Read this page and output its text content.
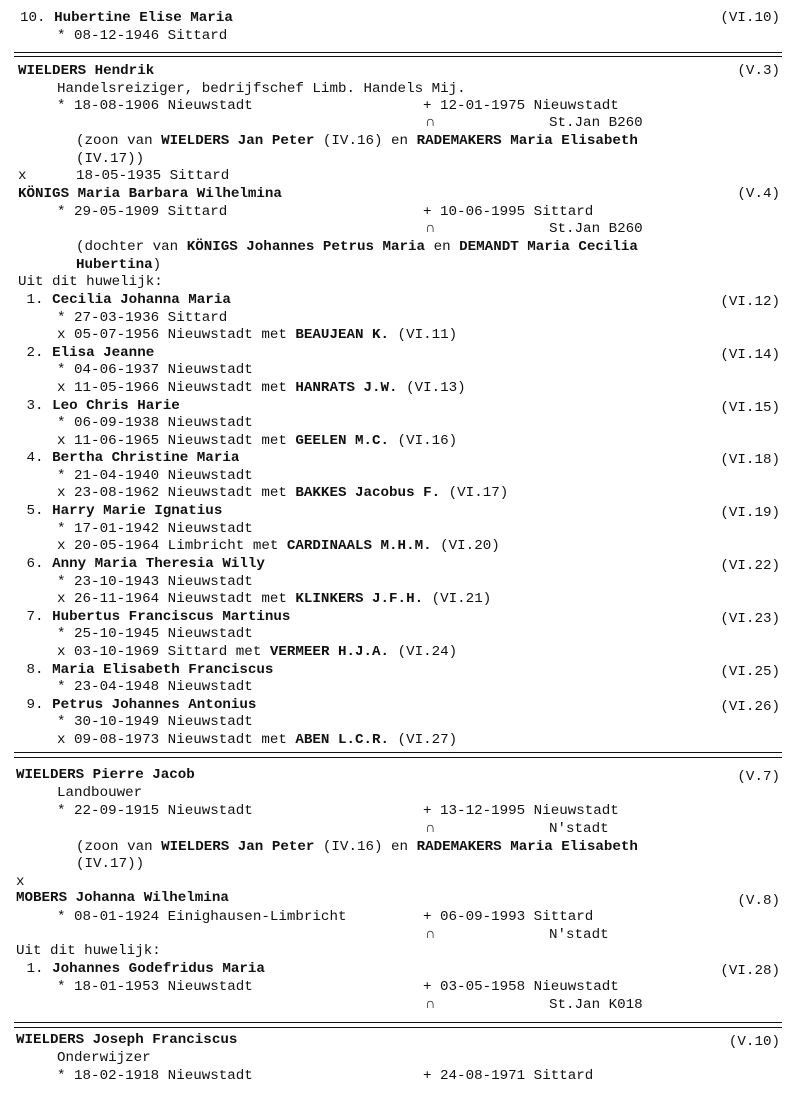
10. Hubertine Elise Maria	(VI.10)
* 08-12-1946 Sittard
WIELDERS Hendrik	(V.3)
Handelsreiziger, bedrijfschef Limb. Handels Mij.
* 18-08-1906 Nieuwstadt	+ 12-01-1975 Nieuwstadt
∩	St.Jan B260
(zoon van WIELDERS Jan Peter (IV.16) en RADEMAKERS Maria Elisabeth
(IV.17))
x	18-05-1935 Sittard
KÖNIGS Maria Barbara Wilhelmina	(V.4)
* 29-05-1909 Sittard	+ 10-06-1995 Sittard
∩	St.Jan B260
(dochter van KÖNIGS Johannes Petrus Maria en DEMANDT Maria Cecilia
Hubertina)
Uit dit huwelijk:
1. Cecilia Johanna Maria	(VI.12)
* 27-03-1936 Sittard
x 05-07-1956 Nieuwstadt met BEAUJEAN K. (VI.11)
2. Elisa Jeanne	(VI.14)
* 04-06-1937 Nieuwstadt
x 11-05-1966 Nieuwstadt met HANRATS J.W. (VI.13)
3. Leo Chris Harie	(VI.15)
* 06-09-1938 Nieuwstadt
x 11-06-1965 Nieuwstadt met GEELEN M.C. (VI.16)
4. Bertha Christine Maria	(VI.18)
* 21-04-1940 Nieuwstadt
x 23-08-1962 Nieuwstadt met BAKKES Jacobus F. (VI.17)
5. Harry Marie Ignatius	(VI.19)
* 17-01-1942 Nieuwstadt
x 20-05-1964 Limbricht met CARDINAALS M.H.M. (VI.20)
6. Anny Maria Theresia Willy	(VI.22)
* 23-10-1943 Nieuwstadt
x 26-11-1964 Nieuwstadt met KLINKERS J.F.H. (VI.21)
7. Hubertus Franciscus Martinus	(VI.23)
* 25-10-1945 Nieuwstadt
x 03-10-1969 Sittard met VERMEER H.J.A. (VI.24)
8. Maria Elisabeth Franciscus	(VI.25)
* 23-04-1948 Nieuwstadt
9. Petrus Johannes Antonius	(VI.26)
* 30-10-1949 Nieuwstadt
x 09-08-1973 Nieuwstadt met ABEN L.C.R. (VI.27)
WIELDERS Pierre Jacob	(V.7)
Landbouwer
* 22-09-1915 Nieuwstadt	+ 13-12-1995 Nieuwstadt
∩	N'stadt
(zoon van WIELDERS Jan Peter (IV.16) en RADEMAKERS Maria Elisabeth
(IV.17))
x
MOBERS Johanna Wilhelmina	(V.8)
* 08-01-1924 Einighausen-Limbricht	+ 06-09-1993 Sittard
∩	N'stadt
Uit dit huwelijk:
1. Johannes Godefridus Maria	(VI.28)
* 18-01-1953 Nieuwstadt	+ 03-05-1958 Nieuwstadt
∩	St.Jan K018
WIELDERS Joseph Franciscus	(V.10)
Onderwijzer
* 18-02-1918 Nieuwstadt	+ 24-08-1971 Sittard
